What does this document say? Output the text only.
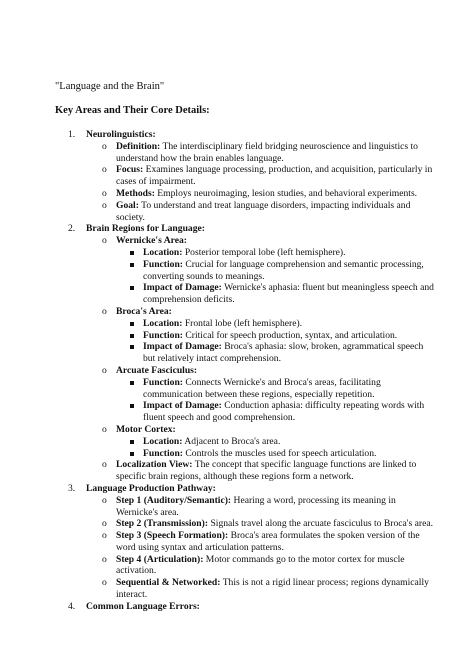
"Language and the Brain"
Key Areas and Their Core Details:
1. Neurolinguistics:
o Definition: The interdisciplinary field bridging neuroscience and linguistics to understand how the brain enables language.
o Focus: Examines language processing, production, and acquisition, particularly in cases of impairment.
o Methods: Employs neuroimaging, lesion studies, and behavioral experiments.
o Goal: To understand and treat language disorders, impacting individuals and society.
2. Brain Regions for Language:
o Wernicke's Area:
Location: Posterior temporal lobe (left hemisphere).
Function: Crucial for language comprehension and semantic processing, converting sounds to meanings.
Impact of Damage: Wernicke's aphasia: fluent but meaningless speech and comprehension deficits.
o Broca's Area:
Location: Frontal lobe (left hemisphere).
Function: Critical for speech production, syntax, and articulation.
Impact of Damage: Broca's aphasia: slow, broken, agrammatical speech but relatively intact comprehension.
o Arcuate Fasciculus:
Function: Connects Wernicke's and Broca's areas, facilitating communication between these regions, especially repetition.
Impact of Damage: Conduction aphasia: difficulty repeating words with fluent speech and good comprehension.
o Motor Cortex:
Location: Adjacent to Broca's area.
Function: Controls the muscles used for speech articulation.
o Localization View: The concept that specific language functions are linked to specific brain regions, although these regions form a network.
3. Language Production Pathway:
o Step 1 (Auditory/Semantic): Hearing a word, processing its meaning in Wernicke's area.
o Step 2 (Transmission): Signals travel along the arcuate fasciculus to Broca's area.
o Step 3 (Speech Formation): Broca's area formulates the spoken version of the word using syntax and articulation patterns.
o Step 4 (Articulation): Motor commands go to the motor cortex for muscle activation.
o Sequential & Networked: This is not a rigid linear process; regions dynamically interact.
4. Common Language Errors:
